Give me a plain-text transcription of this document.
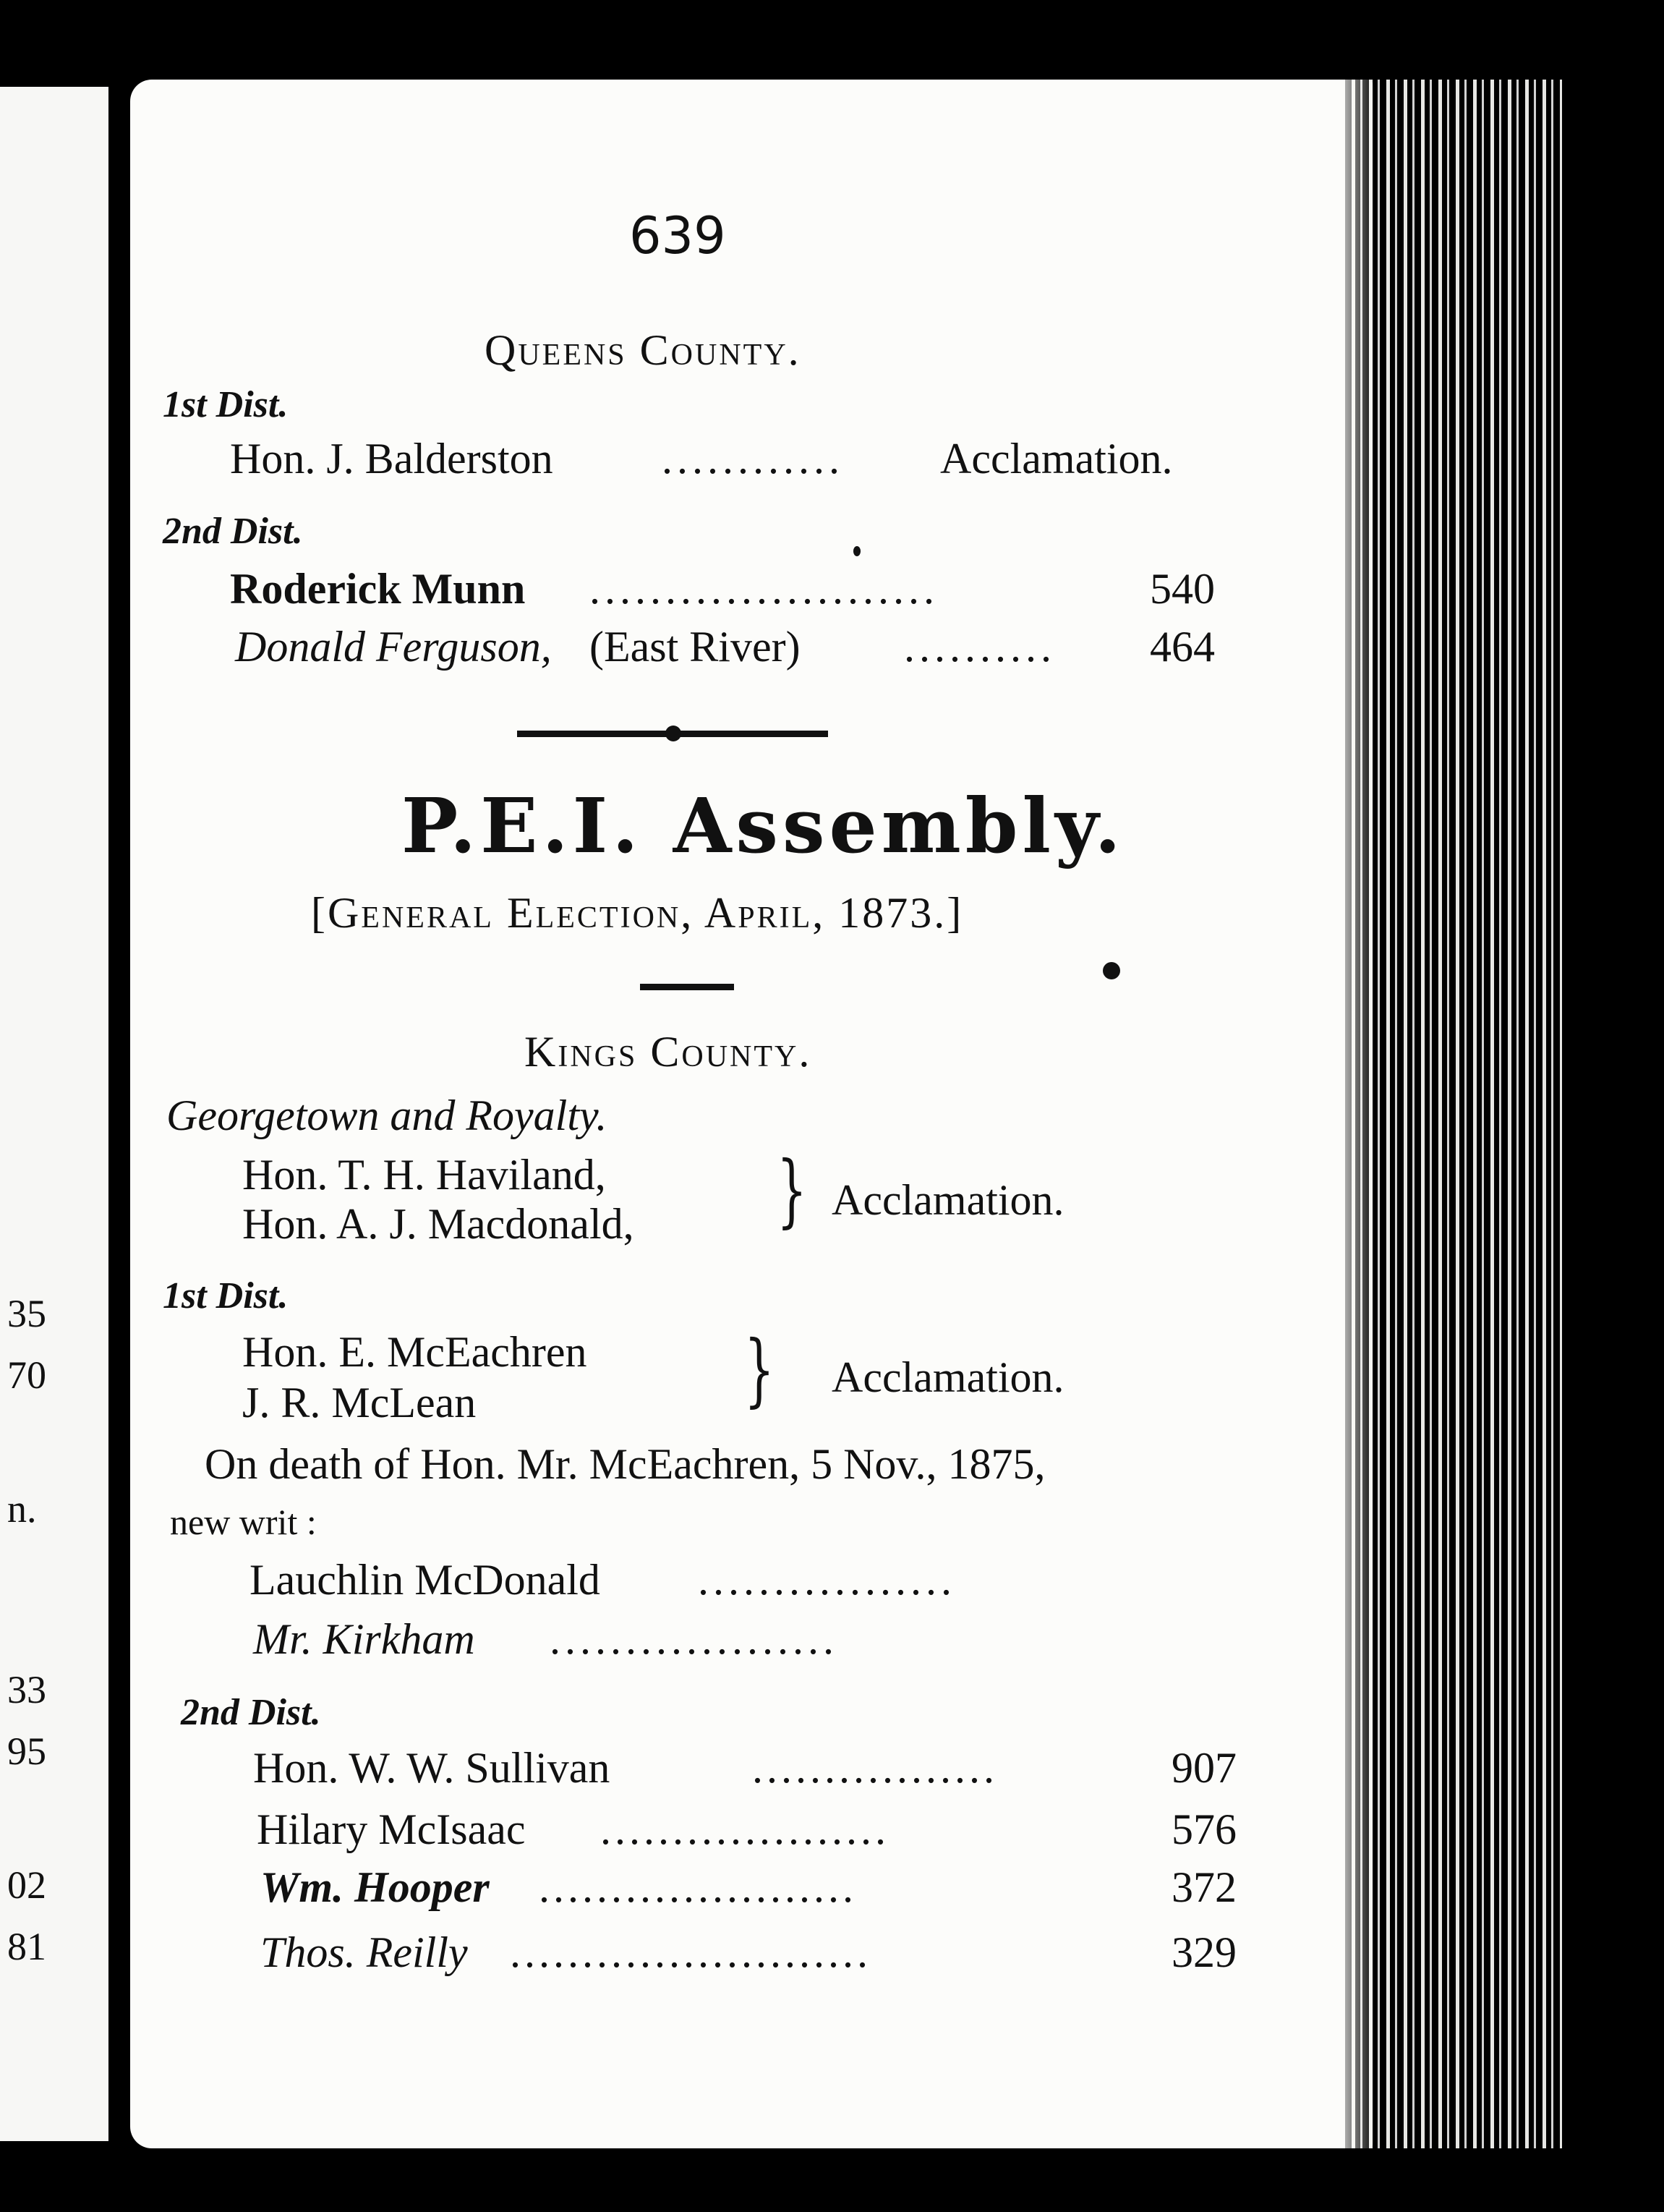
35
70
n.
33
95
02
81
639
Queens County.
1st Dist.
Hon. J. Balderston	............ Acclamation.
2nd Dist.
Roderick Munn .......................	540
Donald Ferguson, (East River) .......... 464
P.E.I. Assembly.
[General Election, April, 1873.]
Kings County.
Georgetown and Royalty.
Hon. T. H. Haviland,
Hon. A. J. Macdonald, } Acclamation.
1st Dist.
Hon. E. McEachren
J. R. McLean	} Acclamation.
On death of Hon. Mr. McEachren, 5 Nov., 1875,
new writ :
Lauchlin McDonald .................
Mr. Kirkham ...................
2nd Dist.
Hon. W. W. Sullivan	.................	907
Hilary McIsaac ....................	576
Wm. Hooper ......................	372
Thos. Reilly .........................	329
